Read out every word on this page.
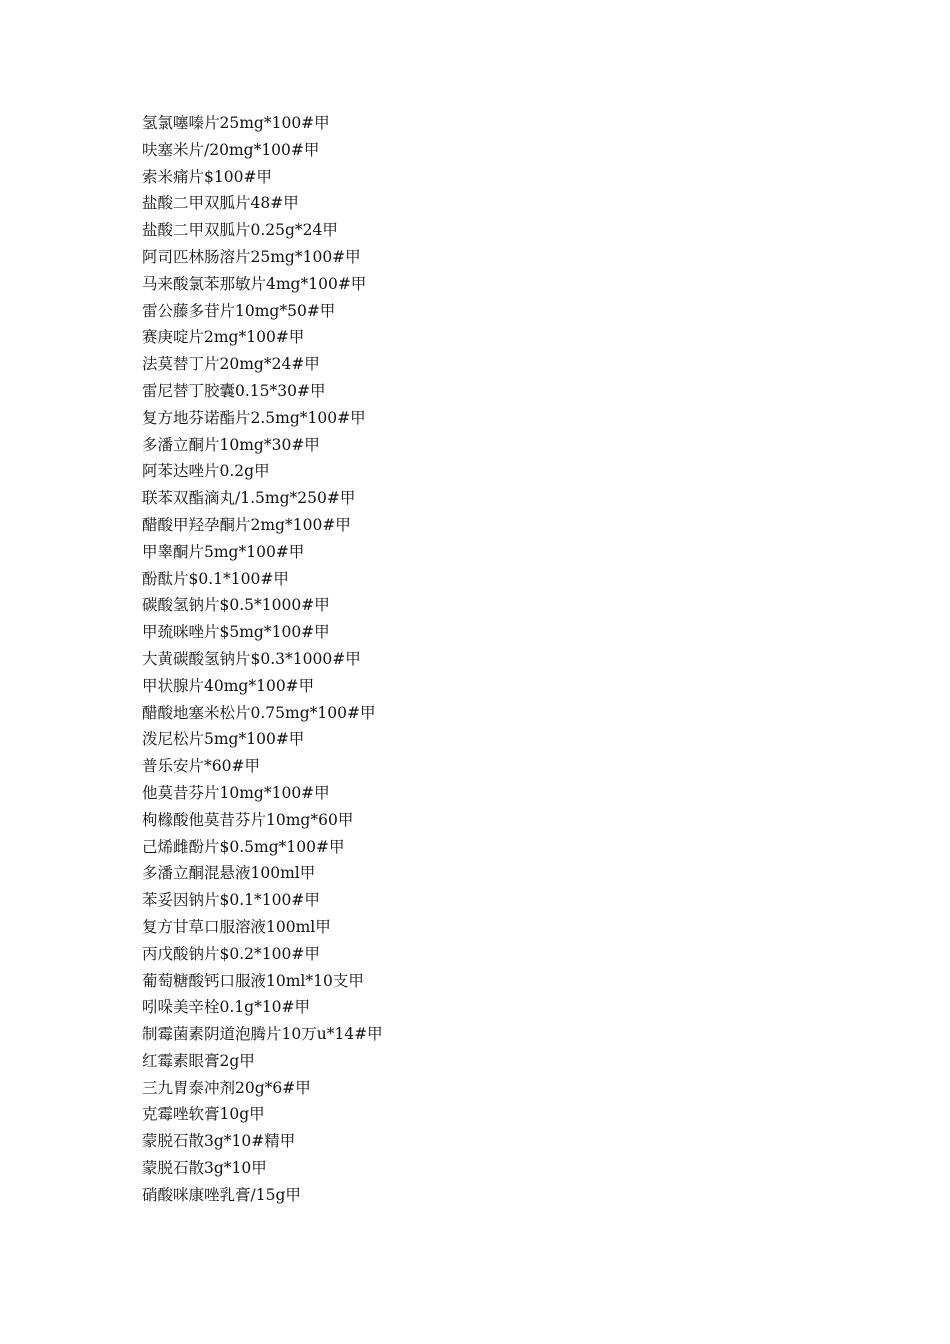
氢氯噻嗪片25mg*100#甲
呋塞米片/20mg*100#甲
索米痛片$100#甲
盐酸二甲双胍片48#甲
盐酸二甲双胍片0.25g*24甲
阿司匹林肠溶片25mg*100#甲
马来酸氯苯那敏片4mg*100#甲
雷公藤多苷片10mg*50#甲
赛庚啶片2mg*100#甲
法莫替丁片20mg*24#甲
雷尼替丁胶囊0.15*30#甲
复方地芬诺酯片2.5mg*100#甲
多潘立酮片10mg*30#甲
阿苯达唑片0.2g甲
联苯双酯滴丸/1.5mg*250#甲
醋酸甲羟孕酮片2mg*100#甲
甲睾酮片5mg*100#甲
酚酞片$0.1*100#甲
碳酸氢钠片$0.5*1000#甲
甲巯咪唑片$5mg*100#甲
大黄碳酸氢钠片$0.3*1000#甲
甲状腺片40mg*100#甲
醋酸地塞米松片0.75mg*100#甲
泼尼松片5mg*100#甲
普乐安片*60#甲
他莫昔芬片10mg*100#甲
枸橼酸他莫昔芬片10mg*60甲
己烯雌酚片$0.5mg*100#甲
多潘立酮混悬液100ml甲
苯妥因钠片$0.1*100#甲
复方甘草口服溶液100ml甲
丙戊酸钠片$0.2*100#甲
葡萄糖酸钙口服液10ml*10支甲
吲哚美辛栓0.1g*10#甲
制霉菌素阴道泡腾片10万u*14#甲
红霉素眼膏2g甲
三九胃泰冲剂20g*6#甲
克霉唑软膏10g甲
蒙脱石散3g*10#精甲
蒙脱石散3g*10甲
硝酸咪康唑乳膏/15g甲
